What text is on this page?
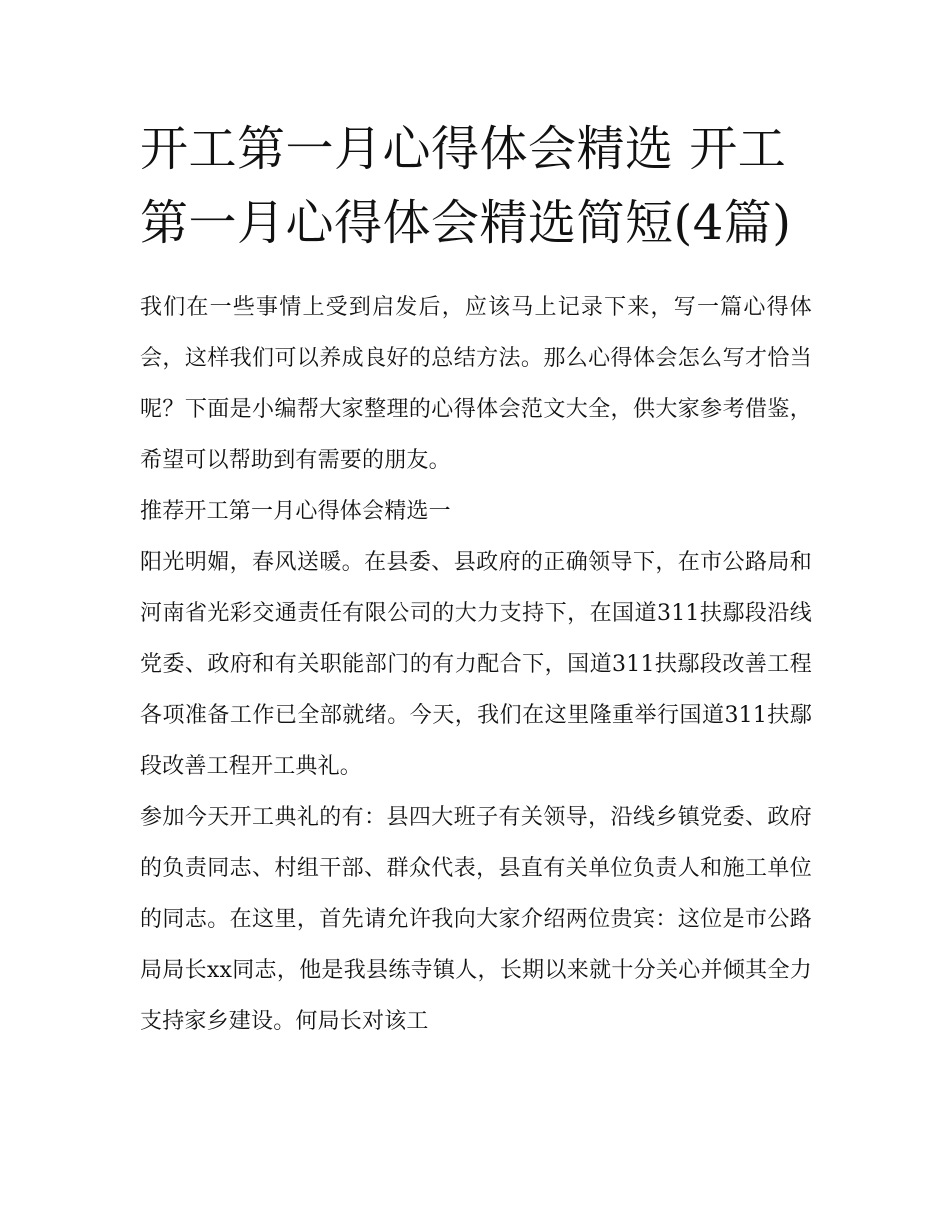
开工第一月心得体会精选 开工第一月心得体会精选简短(4篇)

我们在一些事情上受到启发后，应该马上记录下来，写一篇心得体会，这样我们可以养成良好的总结方法。那么心得体会怎么写才恰当呢？下面是小编帮大家整理的心得体会范文大全，供大家参考借鉴，希望可以帮助到有需要的朋友。

推荐开工第一月心得体会精选一

阳光明媚，春风送暖。在县委、县政府的正确领导下，在市公路局和河南省光彩交通责任有限公司的大力支持下，在国道311扶鄢段沿线党委、政府和有关职能部门的有力配合下，国道311扶鄢段改善工程各项准备工作已全部就绪。今天，我们在这里隆重举行国道311扶鄢段改善工程开工典礼。

参加今天开工典礼的有：县四大班子有关领导，沿线乡镇党委、政府的负责同志、村组干部、群众代表，县直有关单位负责人和施工单位的同志。在这里，首先请允许我向大家介绍两位贵宾：这位是市公路局局长xx同志，他是我县练寺镇人，长期以来就十分关心并倾其全力支持家乡建设。何局长对该工
